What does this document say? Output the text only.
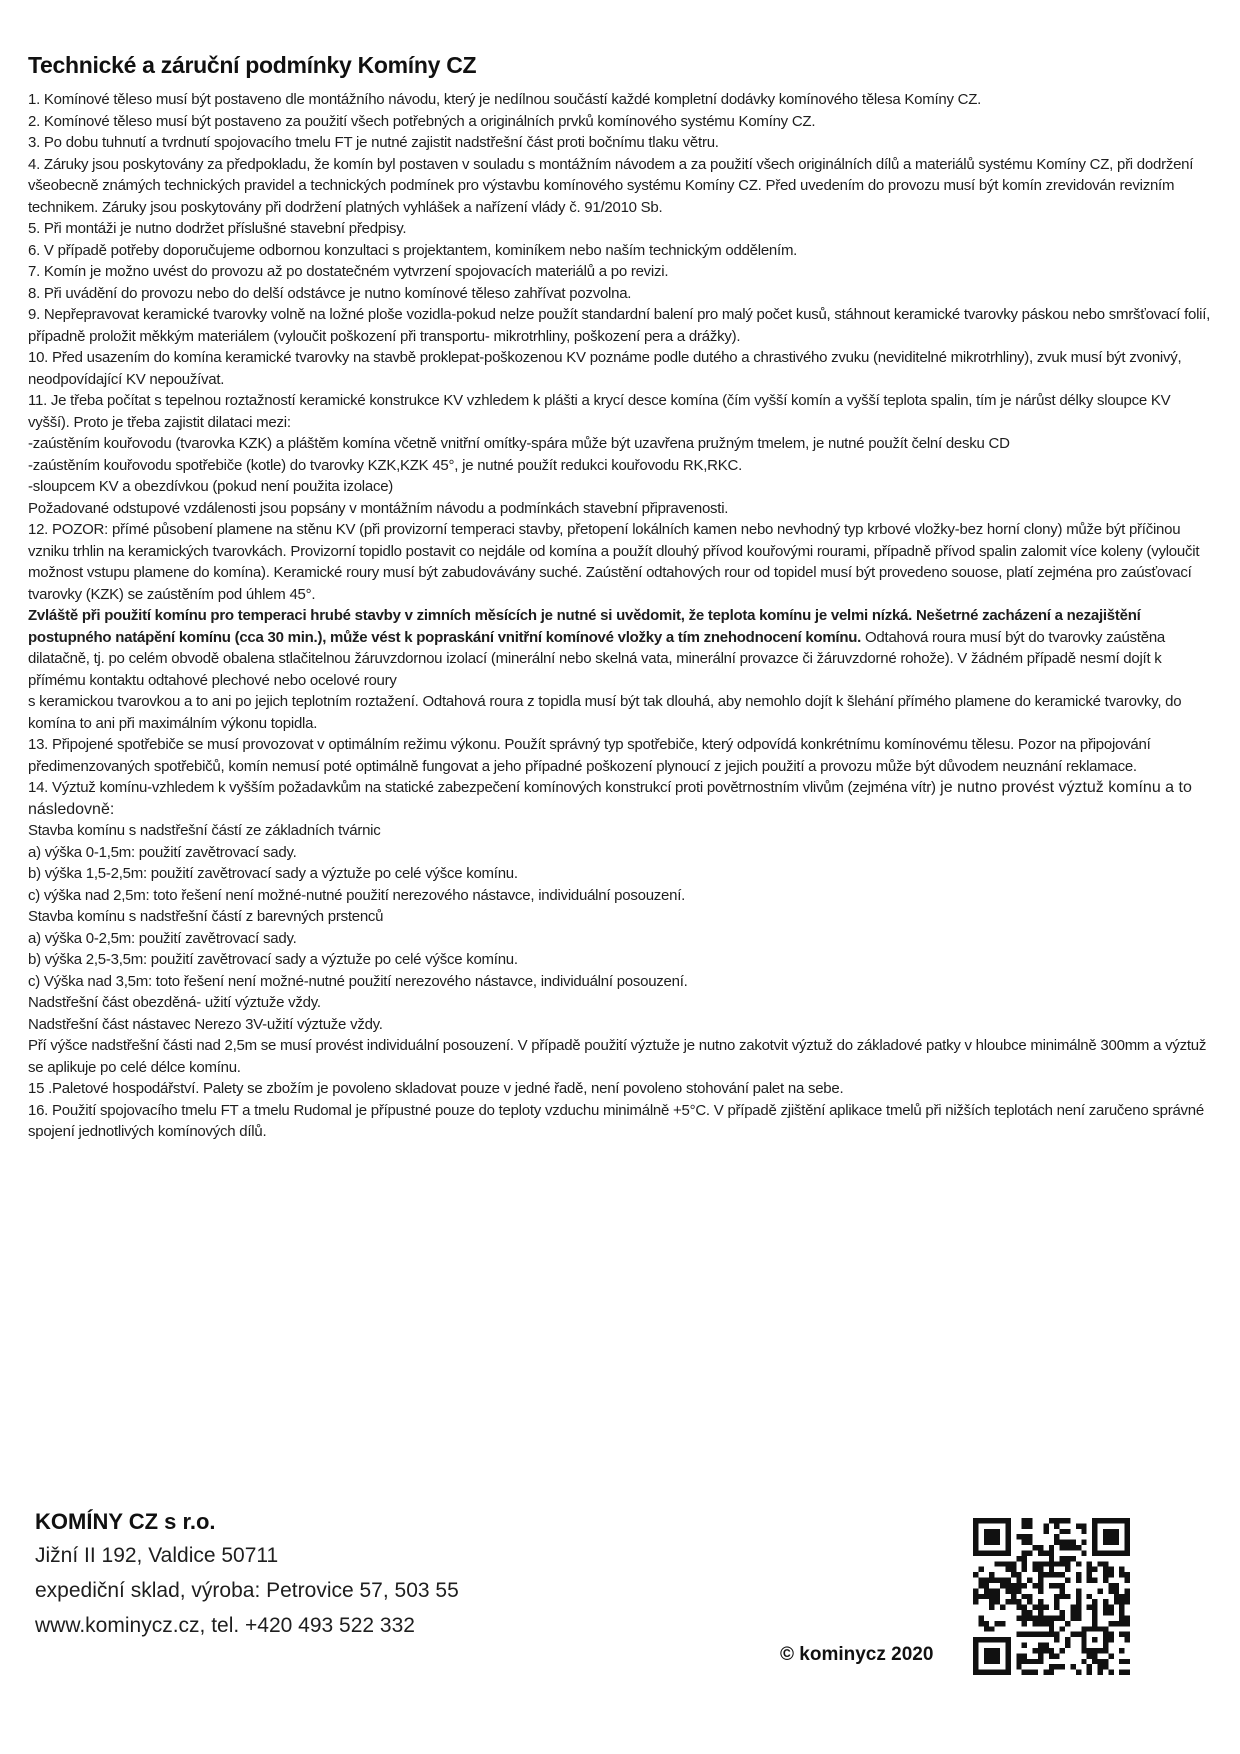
Technické a záruční podmínky Komíny CZ

1. Komínové těleso musí být postaveno dle montážního návodu, který je nedílnou součástí každé kompletní dodávky komínového tělesa Komíny CZ.

2. Komínové těleso musí být postaveno za použití všech potřebných a originálních prvků komínového systému Komíny CZ.

3. Po dobu tuhnutí a tvrdnutí spojovacího tmelu FT je nutné zajistit nadstřešní část proti bočnímu tlaku větru.

4. Záruky jsou poskytovány za předpokladu, že komín byl postaven v souladu s montážním návodem a za použití všech originálních dílů a materiálů systému Komíny CZ, při dodržení všeobecně známých technických pravidel a technických podmínek pro výstavbu komínového systému Komíny CZ. Před uvedením do provozu musí být komín zrevidován revizním technikem. Záruky jsou poskytovány při dodržení platných vyhlášek a nařízení vlády č. 91/2010 Sb.

5. Při montáži je nutno dodržet příslušné stavební předpisy.

6. V případě potřeby doporučujeme odbornou konzultaci s projektantem, kominíkem nebo naším technickým oddělením.

7. Komín je možno uvést do provozu až po dostatečném vytvrzení spojovacích materiálů a po revizi.

8. Při uvádění do provozu nebo do delší odstávce je nutno komínové těleso zahřívat pozvolna.

9. Nepřepravovat keramické tvarovky volně na ložné ploše vozidla-pokud nelze použít standardní balení pro malý počet kusů, stáhnout keramické tvarovky páskou nebo smršťovací folií, případně proložit měkkým materiálem (vyloučit poškození při transportu- mikrotrhliny, poškození pera a drážky).

10. Před usazením do komína keramické tvarovky na stavbě proklepat-poškozenou KV poznáme podle dutého a chrastivého zvuku (neviditelné mikrotrhliny), zvuk musí být zvonivý, neodpovídající KV nepoužívat.

11. Je třeba počítat s tepelnou roztažností keramické konstrukce KV vzhledem k plášti a krycí desce komína (čím vyšší komín a vyšší teplota spalin, tím je nárůst délky sloupce KV vyšší). Proto je třeba zajistit dilataci mezi:

-zaústěním kouřovodu (tvarovka KZK) a pláštěm komína včetně vnitřní omítky-spára může být uzavřena pružným tmelem, je nutné použít čelní desku CD

-zaústěním kouřovodu spotřebiče (kotle) do tvarovky KZK,KZK 45°, je nutné použít redukci kouřovodu RK,RKC.

-sloupcem KV a obezdívkou (pokud není použita izolace)

Požadované odstupové vzdálenosti jsou popsány v montážním návodu a podmínkách stavební připravenosti.

12. POZOR: přímé působení plamene na stěnu KV (při provizorní temperaci stavby, přetopení lokálních kamen nebo nevhodný typ krbové vložky-bez horní clony) může být příčinou vzniku trhlin na keramických tvarovkách. Provizorní topidlo postavit co nejdále od komína a použít dlouhý přívod kouřovými rourami, případně přívod spalin zalomit více koleny (vyloučit možnost vstupu plamene do komína). Keramické roury musí být zabudovávány suché. Zaústění odtahových rour od topidel musí být provedeno souose, platí zejména pro zaúsťovací tvarovky (KZK) se zaústěním pod úhlem 45°.

Zvláště při použití komínu pro temperaci hrubé stavby v zimních měsících je nutné si uvědomit, že teplota komínu je velmi nízká. Nešetrné zacházení a nezajištění postupného natápění komínu (cca 30 min.), může vést k popraskání vnitřní komínové vložky a tím znehodnocení komínu. Odtahová roura musí být do tvarovky zaústěna dilatačně, tj. po celém obvodě obalena stlačitelnou žáruvzdornou izolací (minerální nebo skelná vata, minerální provazce či žáruvzdorné rohože). V žádném případě nesmí dojít k přímému kontaktu odtahové plechové nebo ocelové roury

s keramickou tvarovkou a to ani po jejich teplotním roztažení. Odtahová roura z topidla musí být tak dlouhá, aby nemohlo dojít k šlehání přímého plamene do keramické tvarovky, do komína to ani při maximálním výkonu topidla.

13. Připojené spotřebiče se musí provozovat v optimálním režimu výkonu. Použít správný typ spotřebiče, který odpovídá konkrétnímu komínovému tělesu. Pozor na připojování předimenzovaných spotřebičů, komín nemusí poté optimálně fungovat a jeho případné poškození plynoucí z jejich použití a provozu může být důvodem neuznání reklamace.

14. Výztuž komínu-vzhledem k vyšším požadavkům na statické zabezpečení komínových konstrukcí proti povětrnostním vlivům (zejména vítr) je nutno provést výztuž komínu a to následovně:

Stavba komínu s nadstřešní částí ze základních tvárnic

a) výška 0-1,5m: použití zavětrovací sady.

b) výška 1,5-2,5m: použití zavětrovací sady a výztuže po celé výšce komínu.

c) výška nad 2,5m: toto řešení není možné-nutné použití nerezového nástavce, individuální posouzení.

Stavba komínu s nadstřešní částí z barevných prstenců

a) výška 0-2,5m: použití zavětrovací sady.

b) výška 2,5-3,5m: použití zavětrovací sady a výztuže po celé výšce komínu.

c) Výška nad 3,5m: toto řešení není možné-nutné použití nerezového nástavce, individuální posouzení.

Nadstřešní část obezděná- užití výztuže vždy.

Nadstřešní část nástavec Nerezo 3V-užití výztuže vždy.

Pří výšce nadstřešní části nad 2,5m se musí provést individuální posouzení. V případě použití výztuže je nutno zakotvit výztuž do základové patky v hloubce minimálně 300mm a výztuž se aplikuje po celé délce komínu.

15 .Paletové hospodářství. Palety se zbožím je povoleno skladovat pouze v jedné řadě, není povoleno stohování palet na sebe.

16. Použití spojovacího tmelu FT a tmelu Rudomal je přípustné pouze do teploty vzduchu minimálně +5°C. V případě zjištění aplikace tmelů při nižších teplotách není zaručeno správné spojení jednotlivých komínových dílů.

KOMÍNY CZ s r.o.

Jižní II 192, Valdice 50711

expediční sklad, výroba: Petrovice 57, 503 55

www.kominycz.cz, tel. +420 493 522 332

© kominycz 2020
